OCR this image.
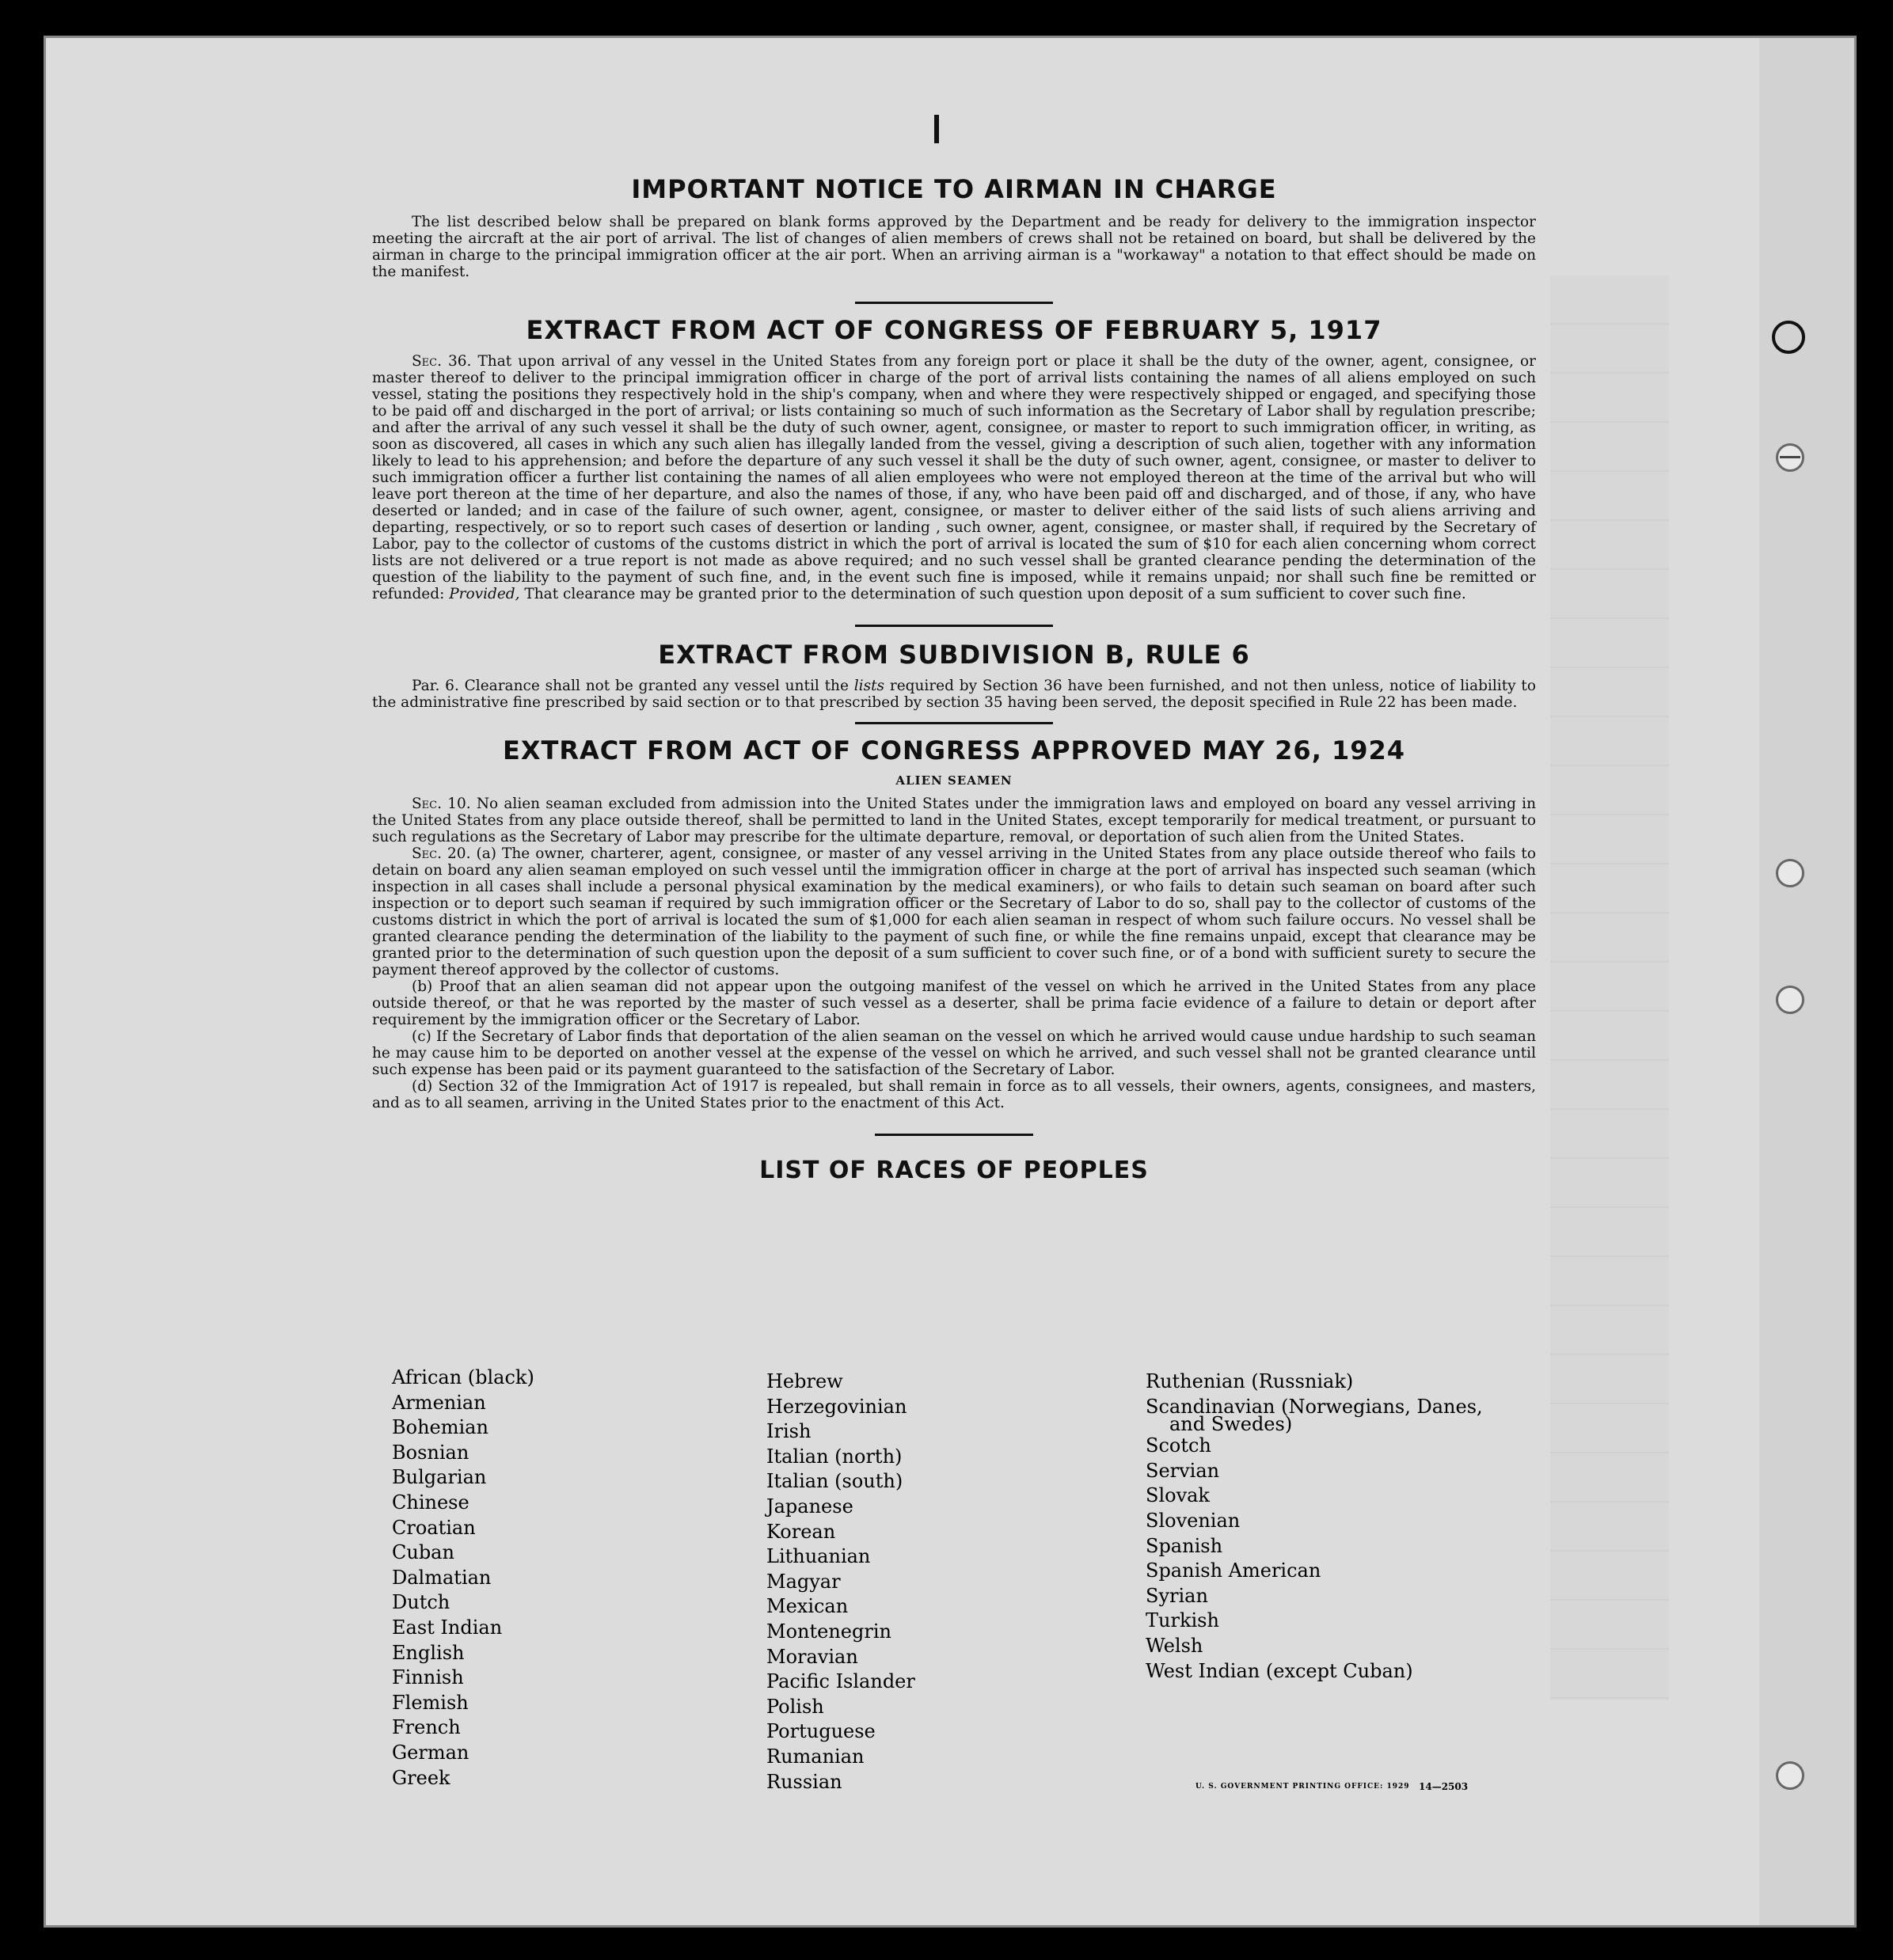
IMPORTANT NOTICE TO AIRMAN IN CHARGE

The list described below shall be prepared on blank forms approved by the Department and be ready for delivery to the immigration inspector meeting the aircraft at the air port of arrival. The list of changes of alien members of crews shall not be retained on board, but shall be delivered by the airman in charge to the principal immigration officer at the air port. When an arriving airman is a "workaway" a notation to that effect should be made on the manifest.

EXTRACT FROM ACT OF CONGRESS OF FEBRUARY 5, 1917

Sec. 36. That upon arrival of any vessel in the United States from any foreign port or place it shall be the duty of the owner, agent, consignee, or master thereof to deliver to the principal immigration officer in charge of the port of arrival lists containing the names of all aliens employed on such vessel, stating the positions they respectively hold in the ship's company, when and where they were respectively shipped or engaged, and specifying those to be paid off and discharged in the port of arrival; or lists containing so much of such information as the Secretary of Labor shall by regulation prescribe; and after the arrival of any such vessel it shall be the duty of such owner, agent, consignee, or master to report to such immigration officer, in writing, as soon as discovered, all cases in which any such alien has illegally landed from the vessel, giving a description of such alien, together with any information likely to lead to his apprehension; and before the departure of any such vessel it shall be the duty of such owner, agent, consignee, or master to deliver to such immigration officer a further list containing the names of all alien employees who were not employed thereon at the time of the arrival but who will leave port thereon at the time of her departure, and also the names of those, if any, who have been paid off and discharged, and of those, if any, who have deserted or landed; and in case of the failure of such owner, agent, consignee, or master to deliver either of the said lists of such aliens arriving and departing, respectively, or so to report such cases of desertion or landing , such owner, agent, consignee, or master shall, if required by the Secretary of Labor, pay to the collector of customs of the customs district in which the port of arrival is located the sum of $10 for each alien concerning whom correct lists are not delivered or a true report is not made as above required; and no such vessel shall be granted clearance pending the determination of the question of the liability to the payment of such fine, and, in the event such fine is imposed, while it remains unpaid; nor shall such fine be remitted or refunded: Provided, That clearance may be granted prior to the determination of such question upon deposit of a sum sufficient to cover such fine.

EXTRACT FROM SUBDIVISION B, RULE 6

Par. 6. Clearance shall not be granted any vessel until the lists required by Section 36 have been furnished, and not then unless, notice of liability to the administrative fine prescribed by said section or to that prescribed by section 35 having been served, the deposit specified in Rule 22 has been made.

EXTRACT FROM ACT OF CONGRESS APPROVED MAY 26, 1924
ALIEN SEAMEN

Sec. 10. No alien seaman excluded from admission into the United States under the immigration laws and employed on board any vessel arriving in the United States from any place outside thereof, shall be permitted to land in the United States, except temporarily for medical treatment, or pursuant to such regulations as the Secretary of Labor may prescribe for the ultimate departure, removal, or deportation of such alien from the United States.

Sec. 20. (a) The owner, charterer, agent, consignee, or master of any vessel arriving in the United States from any place outside thereof who fails to detain on board any alien seaman employed on such vessel until the immigration officer in charge at the port of arrival has inspected such seaman (which inspection in all cases shall include a personal physical examination by the medical examiners), or who fails to detain such seaman on board after such inspection or to deport such seaman if required by such immigration officer or the Secretary of Labor to do so, shall pay to the collector of customs of the customs district in which the port of arrival is located the sum of $1,000 for each alien seaman in respect of whom such failure occurs. No vessel shall be granted clearance pending the determination of the liability to the payment of such fine, or while the fine remains unpaid, except that clearance may be granted prior to the determination of such question upon the deposit of a sum sufficient to cover such fine, or of a bond with sufficient surety to secure the payment thereof approved by the collector of customs.

(b) Proof that an alien seaman did not appear upon the outgoing manifest of the vessel on which he arrived in the United States from any place outside thereof, or that he was reported by the master of such vessel as a deserter, shall be prima facie evidence of a failure to detain or deport after requirement by the immigration officer or the Secretary of Labor.

(c) If the Secretary of Labor finds that deportation of the alien seaman on the vessel on which he arrived would cause undue hardship to such seaman he may cause him to be deported on another vessel at the expense of the vessel on which he arrived, and such vessel shall not be granted clearance until such expense has been paid or its payment guaranteed to the satisfaction of the Secretary of Labor.

(d) Section 32 of the Immigration Act of 1917 is repealed, but shall remain in force as to all vessels, their owners, agents, consignees, and masters, and as to all seamen, arriving in the United States prior to the enactment of this Act.

LIST OF RACES OF PEOPLES
African (black)
Armenian
Bohemian
Bosnian
Bulgarian
Chinese
Croatian
Cuban
Dalmatian
Dutch
East Indian
English
Finnish
Flemish
French
German
Greek
Hebrew
Herzegovinian
Irish
Italian (north)
Italian (south)
Japanese
Korean
Lithuanian
Magyar
Mexican
Montenegrin
Moravian
Pacific Islander
Polish
Portuguese
Rumanian
Russian
Ruthenian (Russniak)
Scandinavian (Norwegians, Danes,
and Swedes)
Scotch
Servian
Slovak
Slovenian
Spanish
Spanish American
Syrian
Turkish
Welsh
West Indian (except Cuban)
U. S. GOVERNMENT PRINTING OFFICE: 1929 14—2503
